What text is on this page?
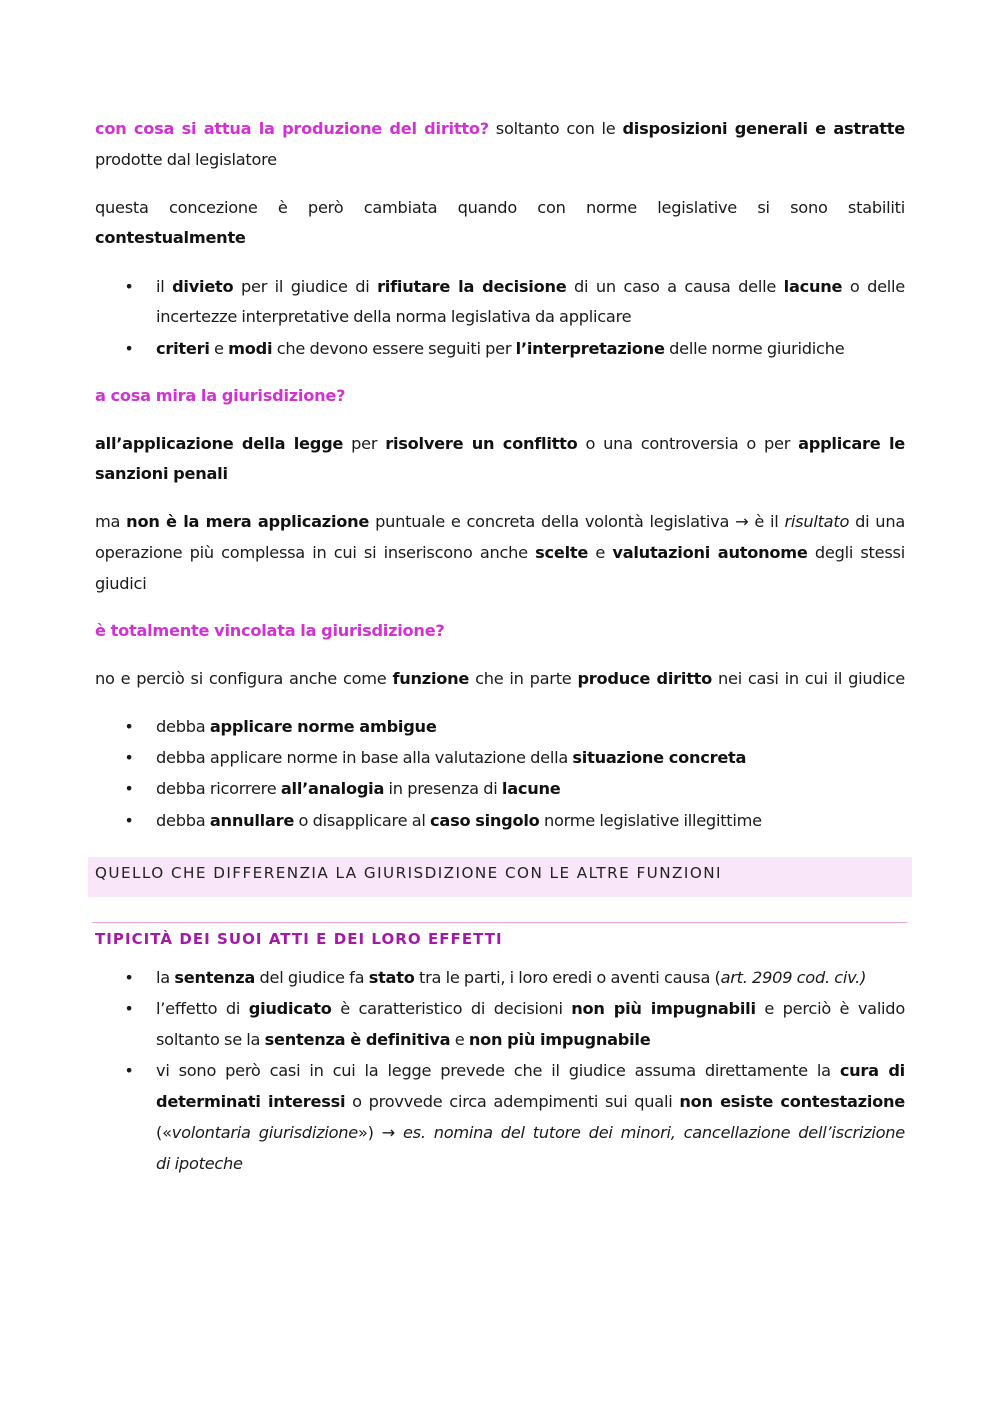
con cosa si attua la produzione del diritto? soltanto con le disposizioni generali e astratte
prodotte dal legislatore
questa concezione è però cambiata quando con norme legislative si sono stabiliti
contestualmente
• il divieto per il giudice di rifiutare la decisione di un caso a causa delle lacune o delle
incertezze interpretative della norma legislativa da applicare
• criteri e modi che devono essere seguiti per l’interpretazione delle norme giuridiche
a cosa mira la giurisdizione?
all’applicazione della legge per risolvere un conflitto o una controversia o per applicare le
sanzioni penali
ma non è la mera applicazione puntuale e concreta della volontà legislativa → è il risultato di una
operazione più complessa in cui si inseriscono anche scelte e valutazioni autonome degli stessi
giudici
è totalmente vincolata la giurisdizione?
no e perciò si configura anche come funzione che in parte produce diritto nei casi in cui il giudice
• debba applicare norme ambigue
• debba applicare norme in base alla valutazione della situazione concreta
• debba ricorrere all’analogia in presenza di lacune
• debba annullare o disapplicare al caso singolo norme legislative illegittime
QUELLO CHE DIFFERENZIA LA GIURISDIZIONE CON LE ALTRE FUNZIONI
TIPICITÀ DEI SUOI ATTI E DEI LORO EFFETTI
• la sentenza del giudice fa stato tra le parti, i loro eredi o aventi causa (art. 2909 cod. civ.)
• l’effetto di giudicato è caratteristico di decisioni non più impugnabili e perciò è valido
soltanto se la sentenza è definitiva e non più impugnabile
• vi sono però casi in cui la legge prevede che il giudice assuma direttamente la cura di
determinati interessi o provvede circa adempimenti sui quali non esiste contestazione
(«volontaria giurisdizione») → es. nomina del tutore dei minori, cancellazione dell’iscrizione
di ipoteche
